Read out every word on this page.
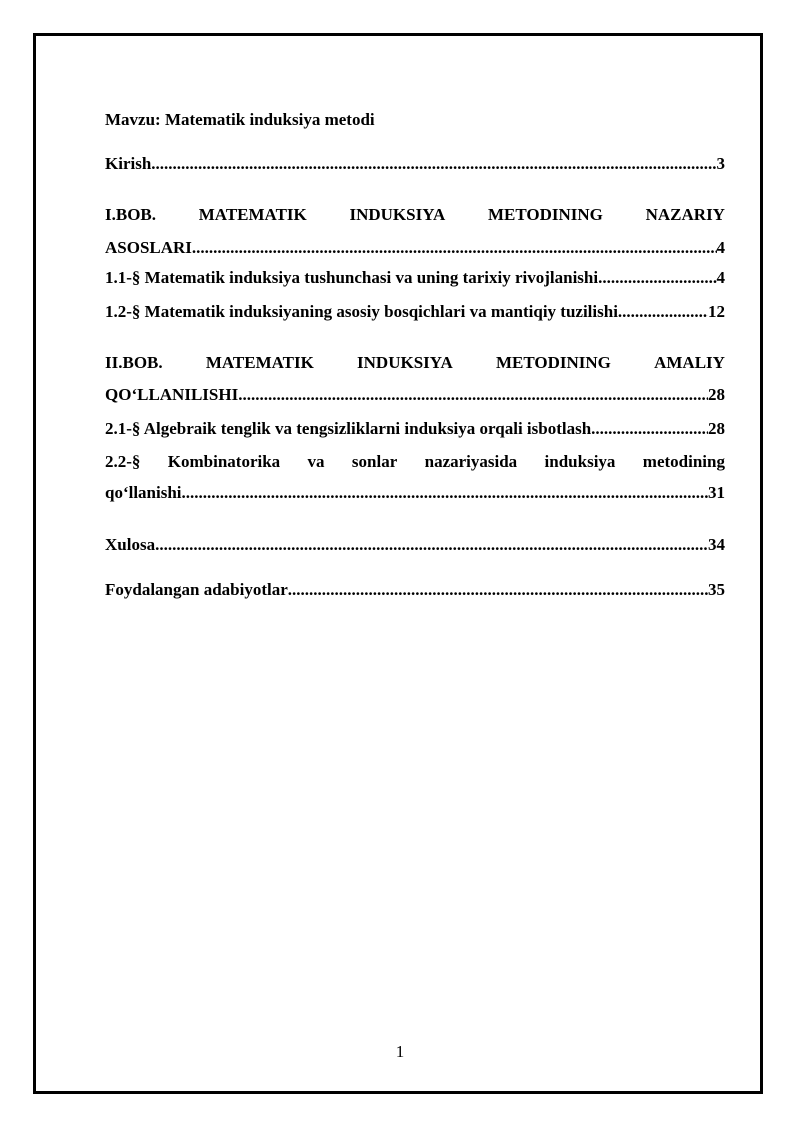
Mavzu: Matematik induksiya metodi
Kirish .....	3
I.BOB.	MATEMATIK	INDUKSIYA	METODINING	NAZARIY
ASOSLARI .....	4
1.1-§ Matematik induksiya tushunchasi va uning tarixiy rivojlanishi .....	4
1.2-§ Matematik induksiyaning asosiy bosqichlari va mantiqiy tuzilishi .....	12
II.BOB.	MATEMATIK	INDUKSIYA	METODINING	AMALIY
QO‘LLANILISHI .....	28
2.1-§ Algebraik tenglik va tengsizliklarni induksiya orqali isbotlash .....	28
2.2-§ Kombinatorika va sonlar nazariyasida induksiya metodining
qo‘llanishi .....	31
Xulosa .....	34
Foydalangan adabiyotlar .....	35
1
